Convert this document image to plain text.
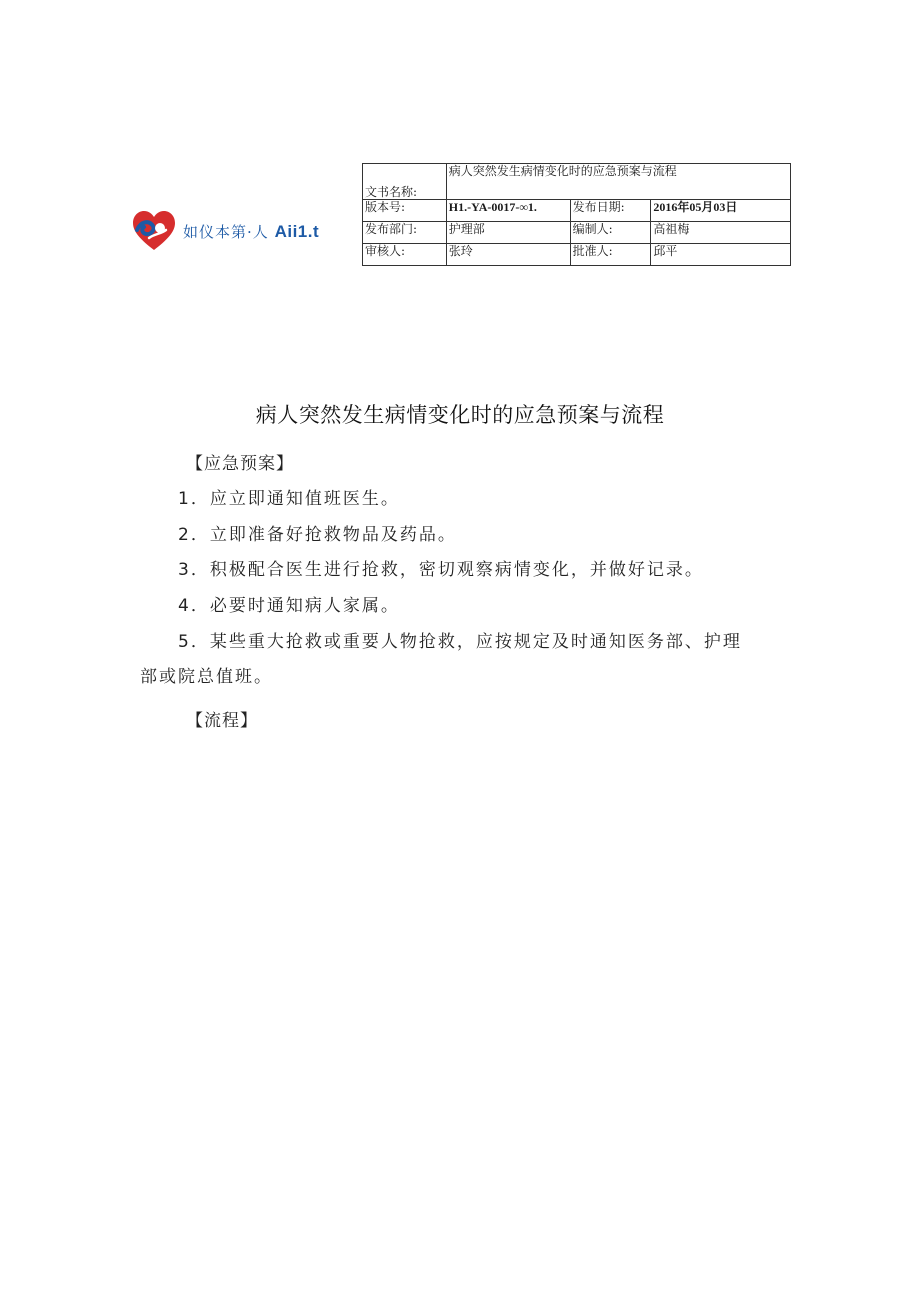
如仪本第·人 Aii1.t
文书名称:	病人突然发生病情变化时的应急预案与流程		
版本号:	H1.-YA-0017-∞1.	发布日期:	2016年05月03日
发布部门:	护理部	编制人:	高祖梅
审核人:	张玲	批准人:	邱平
病人突然发生病情变化时的应急预案与流程
【应急预案】
1．应立即通知值班医生。
2．立即准备好抢救物品及药品。
3．积极配合医生进行抢救，密切观察病情变化，并做好记录。
4．必要时通知病人家属。
5．某些重大抢救或重要人物抢救，应按规定及时通知医务部、护理
部或院总值班。
【流程】
